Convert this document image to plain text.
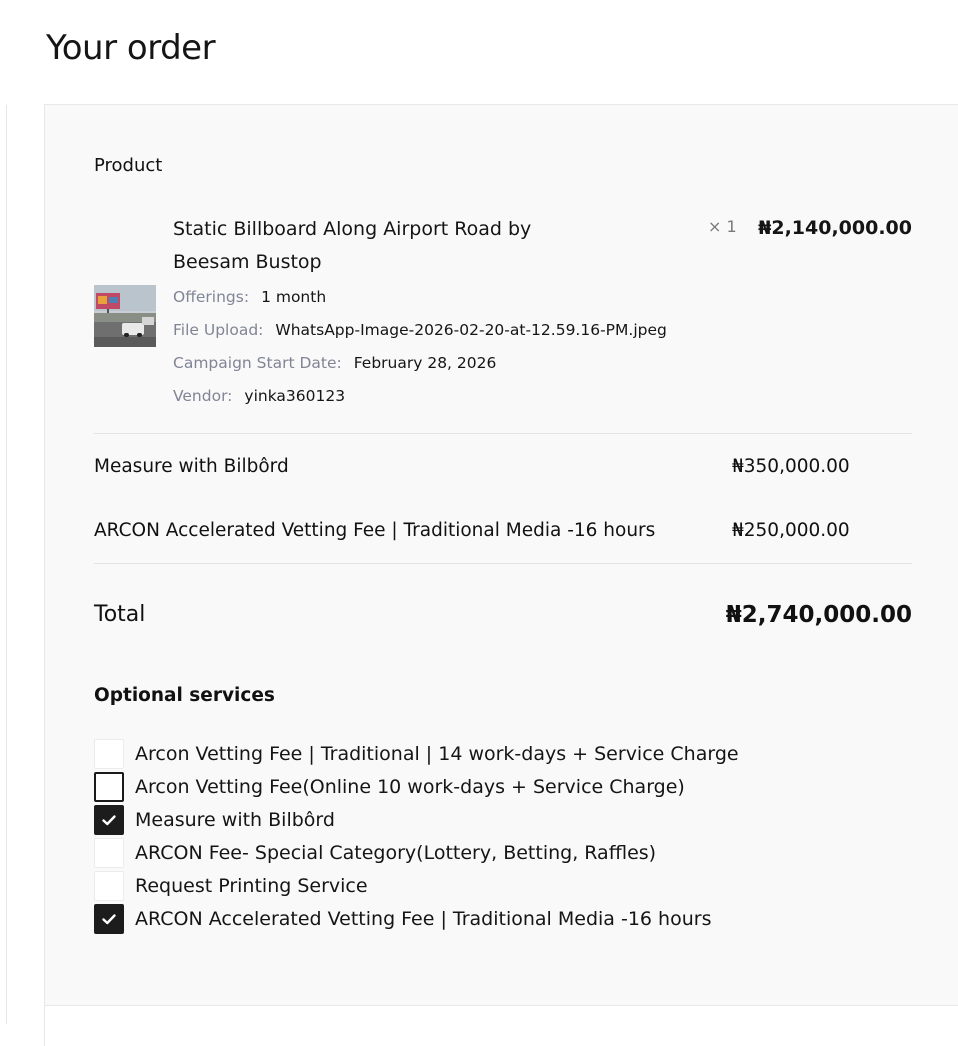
Your order
Product
Static Billboard Along Airport Road by
Beesam Bustop
× 1 ₦2,140,000.00
Offerings: 1 month
File Upload: WhatsApp-Image-2026-02-20-at-12.59.16-PM.jpeg
Campaign Start Date: February 28, 2026
Vendor: yinka360123
Measure with Bilbôrd	₦350,000.00
ARCON Accelerated Vetting Fee | Traditional Media -16 hours	₦250,000.00
Total	₦2,740,000.00
Optional services
Arcon Vetting Fee | Traditional | 14 work-days + Service Charge
Arcon Vetting Fee(Online 10 work-days + Service Charge)
Measure with Bilbôrd
ARCON Fee- Special Category(Lottery, Betting, Raffles)
Request Printing Service
ARCON Accelerated Vetting Fee | Traditional Media -16 hours
